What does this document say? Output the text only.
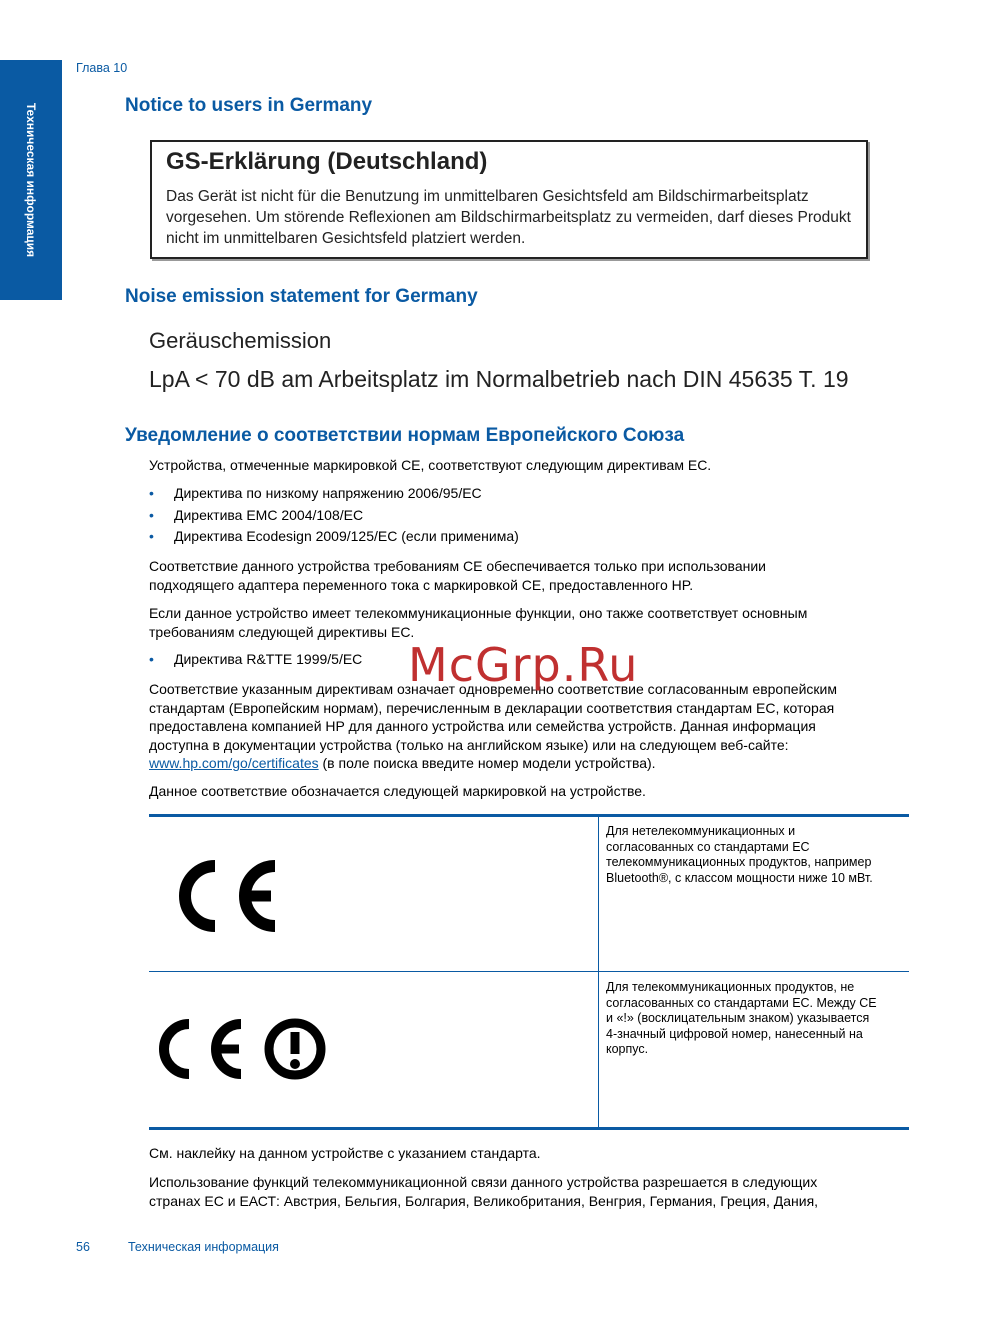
Техническая информация
Глава 10
Notice to users in Germany
GS-Erklärung (Deutschland)
Das Gerät ist nicht für die Benutzung im unmittelbaren Gesichtsfeld am Bildschirmarbeitsplatz
vorgesehen. Um störende Reflexionen am Bildschirmarbeitsplatz zu vermeiden, darf dieses Produkt
nicht im unmittelbaren Gesichtsfeld platziert werden.
Noise emission statement for Germany
Geräuschemission
LpA < 70 dB am Arbeitsplatz im Normalbetrieb nach DIN 45635 T. 19
Уведомление о соответствии нормам Европейского Союза
Устройства, отмеченные маркировкой CE, соответствуют следующим директивам ЕС.
• Директива по низкому напряжению 2006/95/EC
• Директива EMC 2004/108/EC
• Директива Ecodesign 2009/125/EC (если применима)
Соответствие данного устройства требованиям CE обеспечивается только при использовании
подходящего адаптера переменного тока с маркировкой CE, предоставленного HP.
Если данное устройство имеет телекоммуникационные функции, оно также соответствует основным
требованиям следующей директивы ЕС.
• Директива R&TTE 1999/5/EC
Соответствие указанным директивам означает одновременно соответствие согласованным европейским
стандартам (Европейским нормам), перечисленным в декларации соответствия стандартам ЕС, которая
предоставлена компанией HP для данного устройства или семейства устройств. Данная информация
доступна в документации устройства (только на английском языке) или на следующем веб-сайте:
www.hp.com/go/certificates (в поле поиска введите номер модели устройства).
McGrp.Ru
Данное соответствие обозначается следующей маркировкой на устройстве.
Для нетелекоммуникационных и
согласованных со стандартами ЕС
телекоммуникационных продуктов, например
Bluetooth®, с классом мощности ниже 10 мВт.
Для телекоммуникационных продуктов, не
согласованных со стандартами ЕС. Между CE
и «!» (восклицательным знаком) указывается
4-значный цифровой номер, нанесенный на
корпус.
См. наклейку на данном устройстве с указанием стандарта.
Использование функций телекоммуникационной связи данного устройства разрешается в следующих
странах ЕС и ЕАСТ: Австрия, Бельгия, Болгария, Великобритания, Венгрия, Германия, Греция, Дания,
56	Техническая информация
